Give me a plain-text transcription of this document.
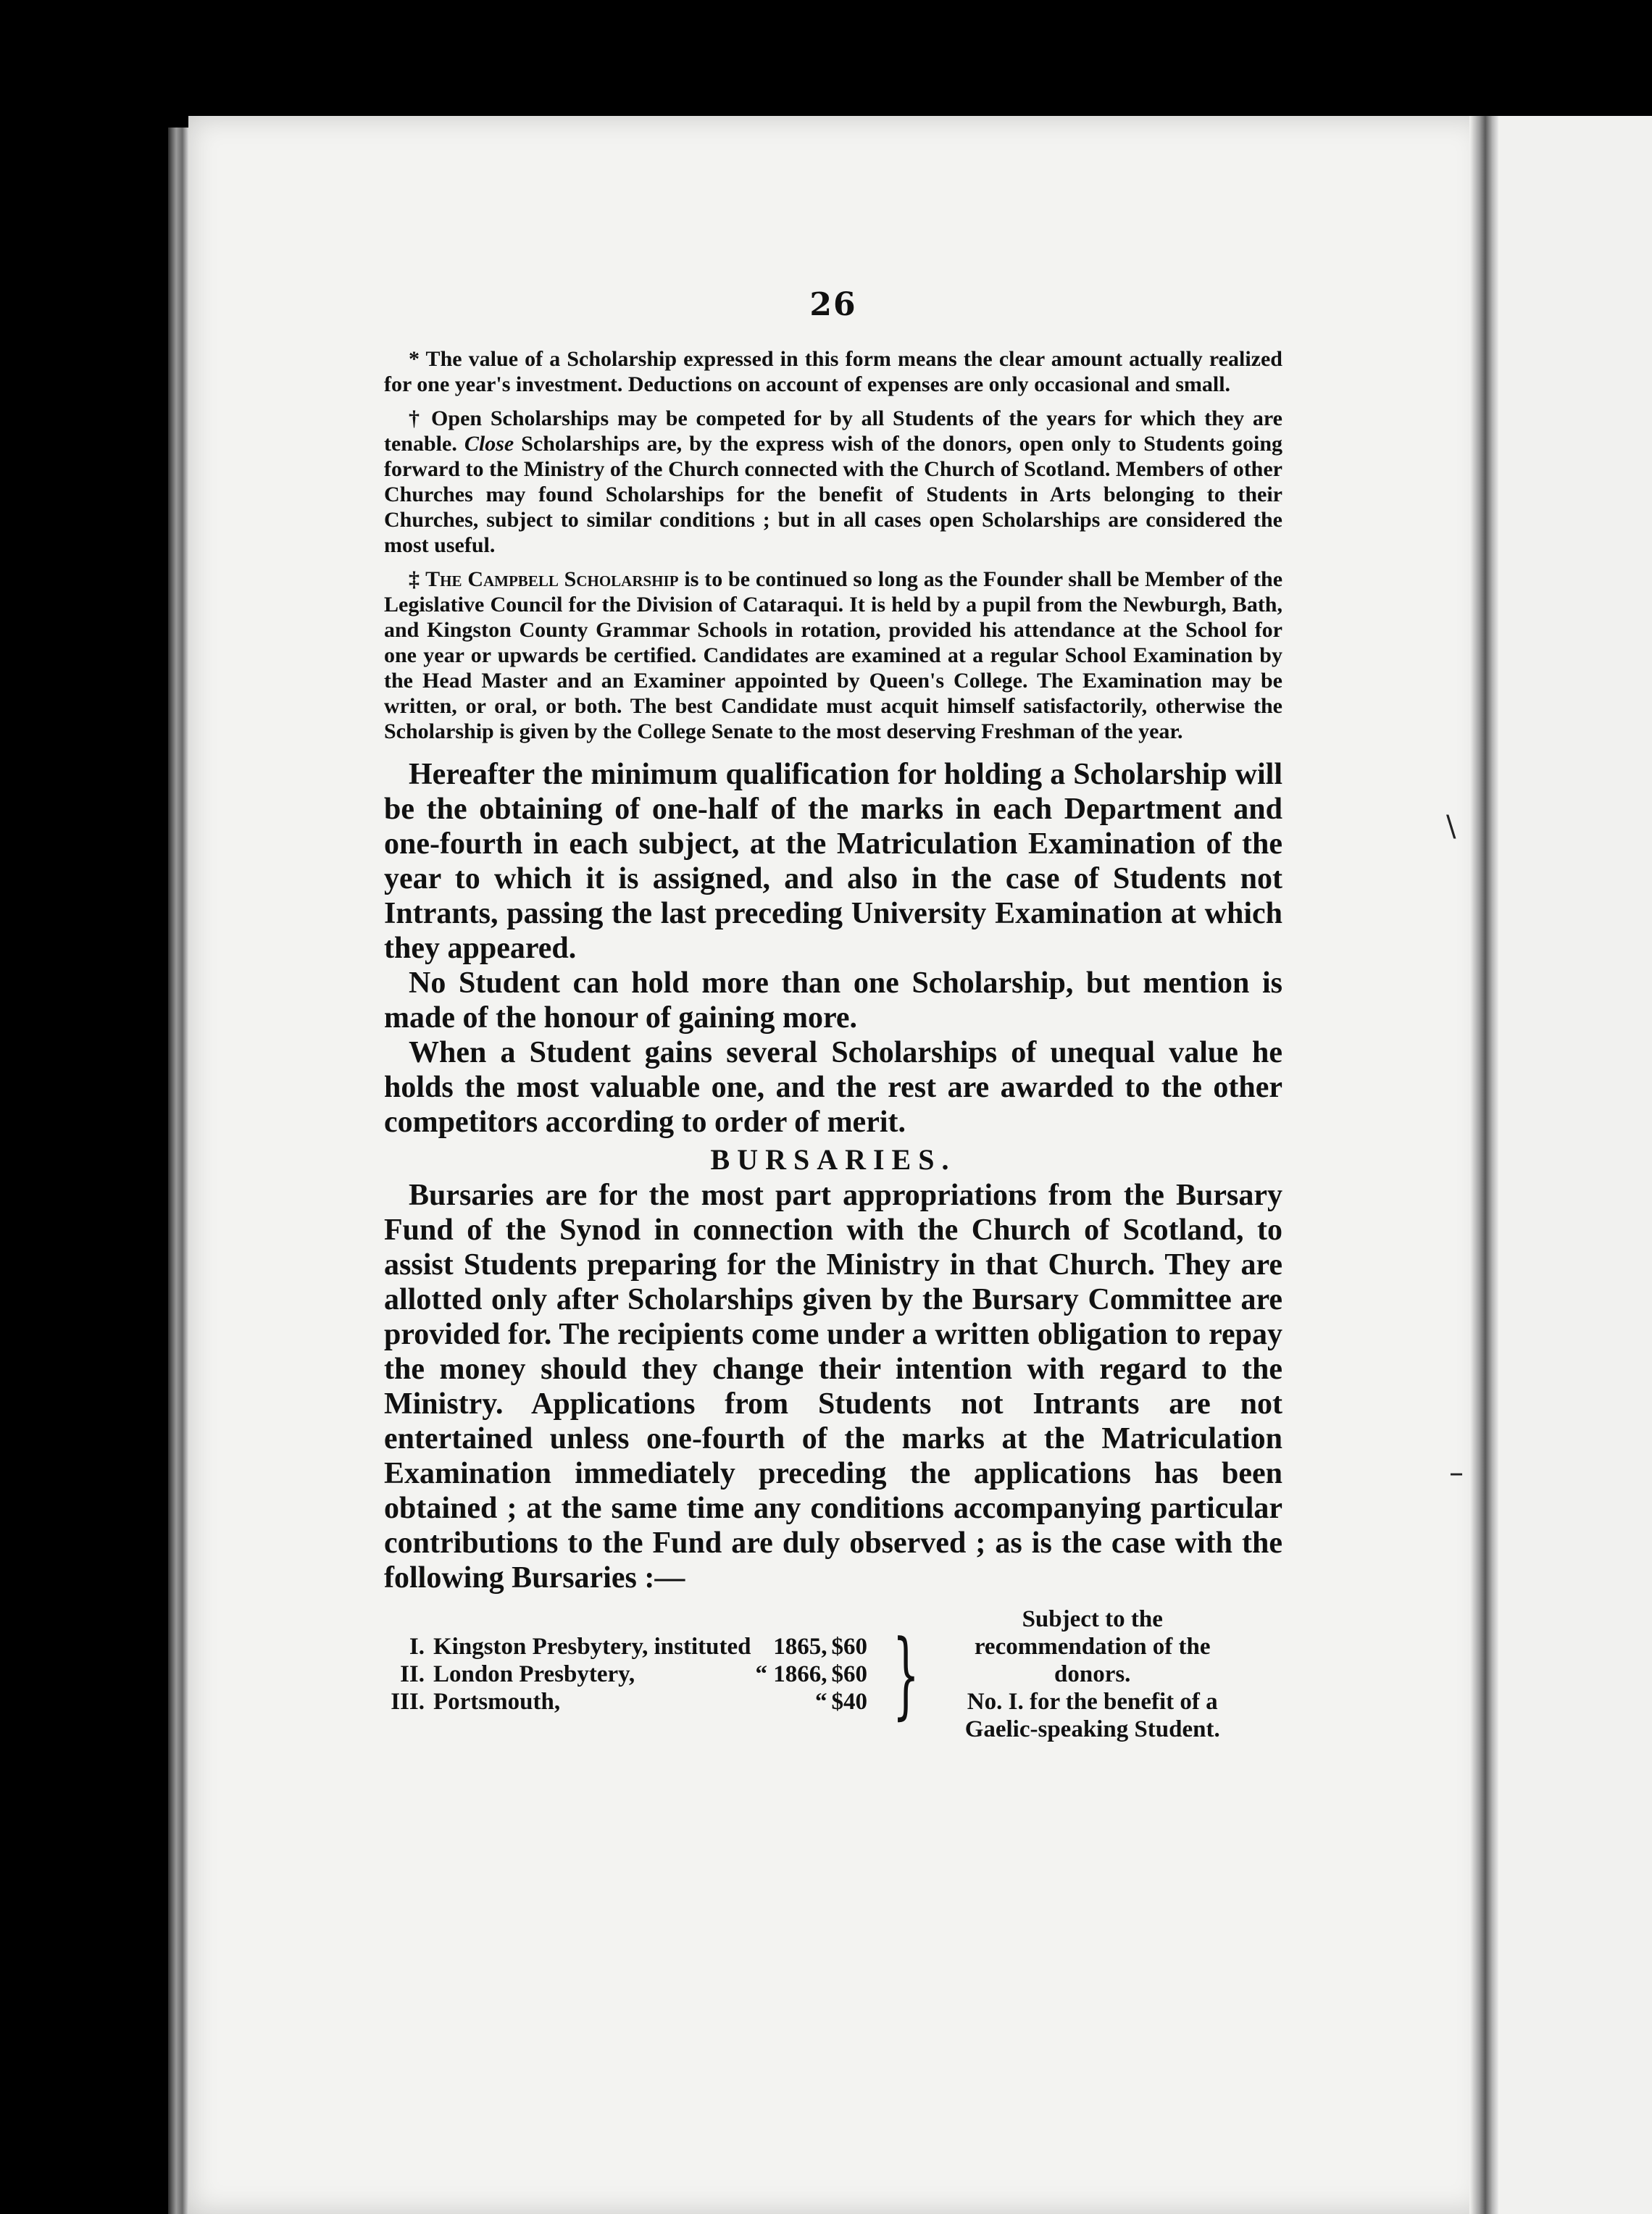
\
–
26

* The value of a Scholarship expressed in this form means the clear amount actually realized for one year's investment. Deductions on account of expenses are only occasional and small.

† Open Scholarships may be competed for by all Students of the years for which they are tenable. Close Scholarships are, by the express wish of the donors, open only to Students going forward to the Ministry of the Church connected with the Church of Scotland. Members of other Churches may found Scholarships for the benefit of Students in Arts belonging to their Churches, subject to similar conditions ; but in all cases open Scholarships are considered the most useful.

‡ The Campbell Scholarship is to be continued so long as the Founder shall be Member of the Legislative Council for the Division of Cataraqui. It is held by a pupil from the Newburgh, Bath, and Kingston County Grammar Schools in rotation, provided his attendance at the School for one year or upwards be certified. Candidates are examined at a regular School Examination by the Head Master and an Examiner appointed by Queen's College. The Examination may be written, or oral, or both. The best Candidate must acquit himself satisfactorily, otherwise the Scholarship is given by the College Senate to the most deserving Freshman of the year.

Hereafter the minimum qualification for holding a Scholarship will be the obtaining of one-half of the marks in each Department and one-fourth in each subject, at the Matriculation Examination of the year to which it is assigned, and also in the case of Students not Intrants, passing the last preceding University Examination at which they appeared.

No Student can hold more than one Scholarship, but mention is made of the honour of gaining more.

When a Student gains several Scholarships of unequal value he holds the most valuable one, and the rest are awarded to the other competitors according to order of merit.

BURSARIES.

Bursaries are for the most part appropriations from the Bursary Fund of the Synod in connection with the Church of Scotland, to assist Students preparing for the Ministry in that Church. They are allotted only after Scholarships given by the Bursary Committee are provided for. The recipients come under a written obligation to repay the money should they change their intention with regard to the Ministry. Applications from Students not Intrants are not entertained unless one-fourth of the marks at the Matriculation Examination immediately preceding the applications has been obtained ; at the same time any conditions accompanying particular contributions to the Fund are duly observed ; as is the case with the following Bursaries :—

I.	Kingston Presbytery, instituted	1865,	$60
II.	London Presbytery,	“ 1866,	$60
III.	Portsmouth,	“	$40 }	Subject to the recommendation of the donors.
No. I. for the benefit of a Gaelic-speaking Student.
